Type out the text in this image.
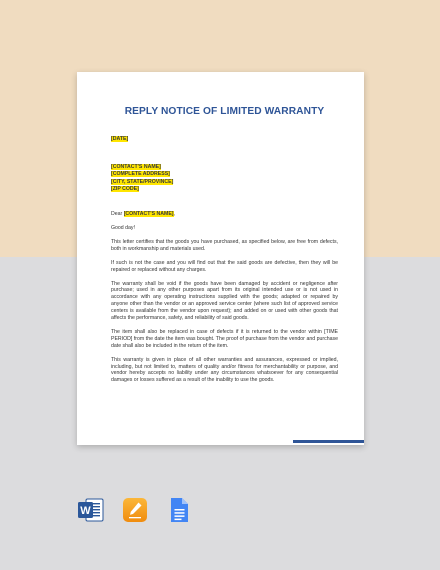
REPLY NOTICE OF LIMITED WARRANTY
[DATE]
[CONTACT'S NAME]
[COMPLETE ADDRESS]
[CITY, STATE/PROVINCE]
[ZIP CODE]
Dear [CONTACT'S NAME],

Good day!

This letter certifies that the goods you have purchased, as specified below, are free from defects, both in workmanship and materials used.

If such is not the case and you will find out that the said goods are defective, then they will be repaired or replaced without any charges.

The warranty shall be void if the goods have been damaged by accident or negligence after purchase; used in any other purposes apart from its original intended use or is not used in accordance with any operating instructions supplied with the goods; adapted or repaired by anyone other than the vendor or an approved service center (where such list of approved service centers is available from the vendor upon request); and added on or used with other goods that affects the performance, safety, and reliability of said goods.

The item shall also be replaced in case of defects if it is returned to the vendor within [TIME PERIOD] from the date the item was bought. The proof of purchase from the vendor and purchase date shall also be included in the return of the item.

This warranty is given in place of all other warranties and assurances, expressed or implied, including, but not limited to, matters of quality and/or fitness for merchantability or purpose, and vendor hereby accepts no liability under any circumstances whatsoever for any consequential damages or losses suffered as a result of the inability to use the goods.

W
